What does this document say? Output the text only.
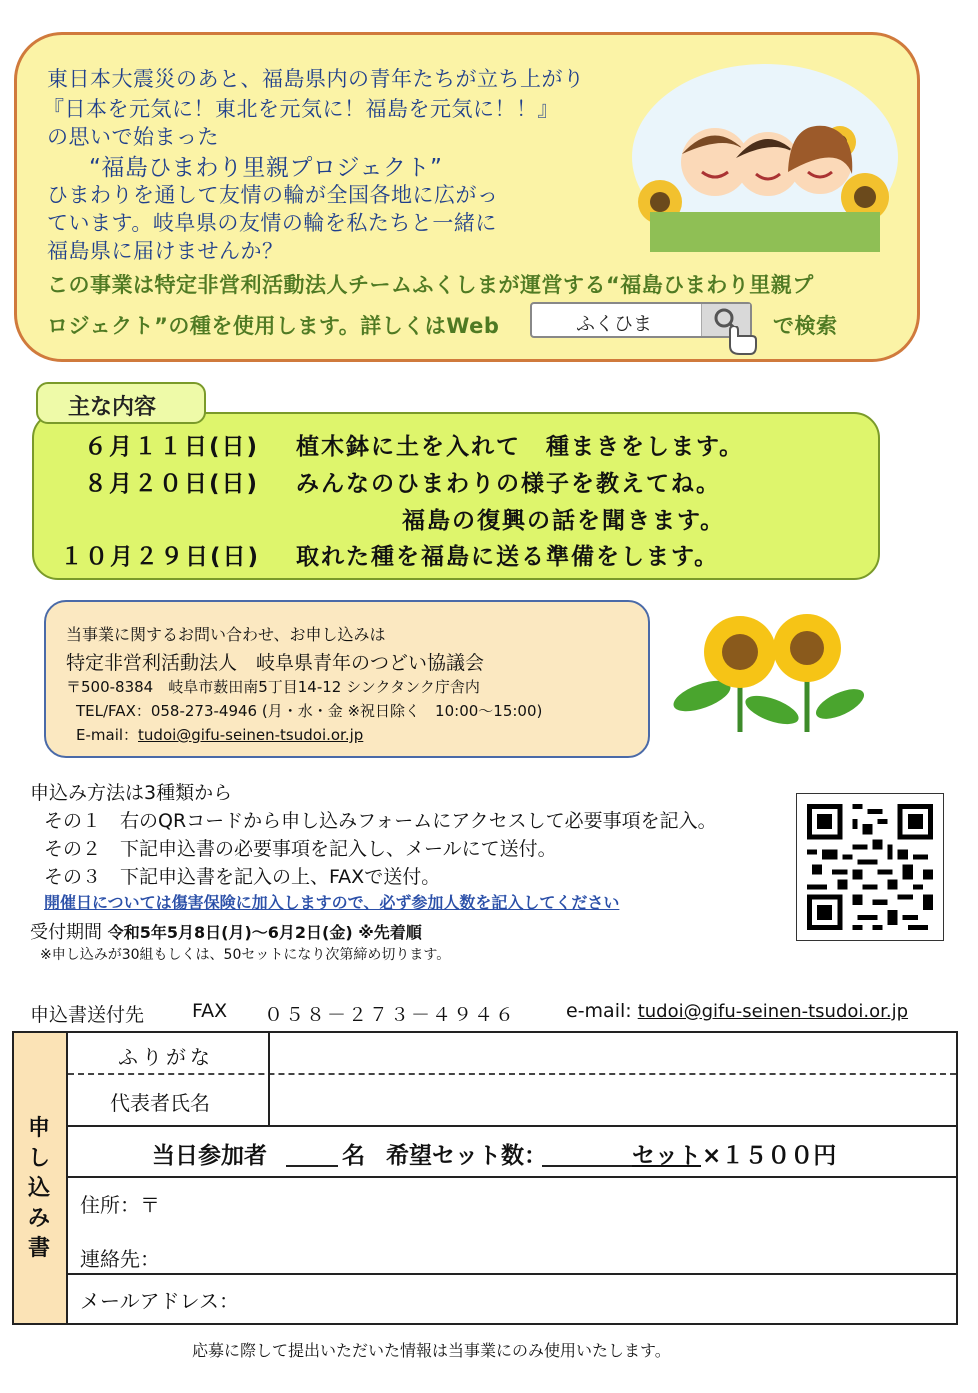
東日本大震災のあと、福島県内の青年たちが立ち上がり
『日本を元気に！東北を元気に！福島を元気に！！』
の思いで始まった
“福島ひまわり里親プロジェクト”
ひまわりを通して友情の輪が全国各地に広がっ
ています。岐阜県の友情の輪を私たちと一緒に
福島県に届けませんか？
この事業は特定非営利活動法人チームふくしまが運営する“福島ひまわり里親プ
ロジェクト”の種を使用します。詳しくはWeb	で検索
ふくひま
６月１１日(日) 植木鉢に土を入れて　種まきをします。
８月２０日(日) みんなのひまわりの様子を教えてね。
福島の復興の話を聞きます。
１０月２９日(日) 取れた種を福島に送る準備をします。
主な内容
当事業に関するお問い合わせ、お申し込みは
特定非営利活動法人　岐阜県青年のつどい協議会
〒500-8384　岐阜市薮田南5丁目14-12 シンクタンク庁舎内
TEL/FAX：058-273-4946 (月・水・金 ※祝日除く　10:00～15:00)
E-mail：tudoi@gifu-seinen-tsudoi.or.jp
申込み方法は3種類から
その１　右のQRコードから申し込みフォームにアクセスして必要事項を記入。
その２　下記申込書の必要事項を記入し、メールにて送付。
その３　下記申込書を記入の上、FAXで送付。
開催日については傷害保険に加入しますので、必ず参加人数を記入してください
受付期間 令和5年5月8日(月)～6月2日(金) ※先着順
※申し込みが30組もしくは、50セットになり次第締め切ります。
申込書送付先	FAX ０５８－２７３－４９４６	e-mail: tudoi@gifu-seinen-tsudoi.or.jp
申
し
込
み
書
ふりがな
代表者氏名
当日参加者	名 希望セット数：	セット ×１５００円
住所：〒
連絡先：
メールアドレス：
応募に際して提出いただいた情報は当事業にのみ使用いたします。
